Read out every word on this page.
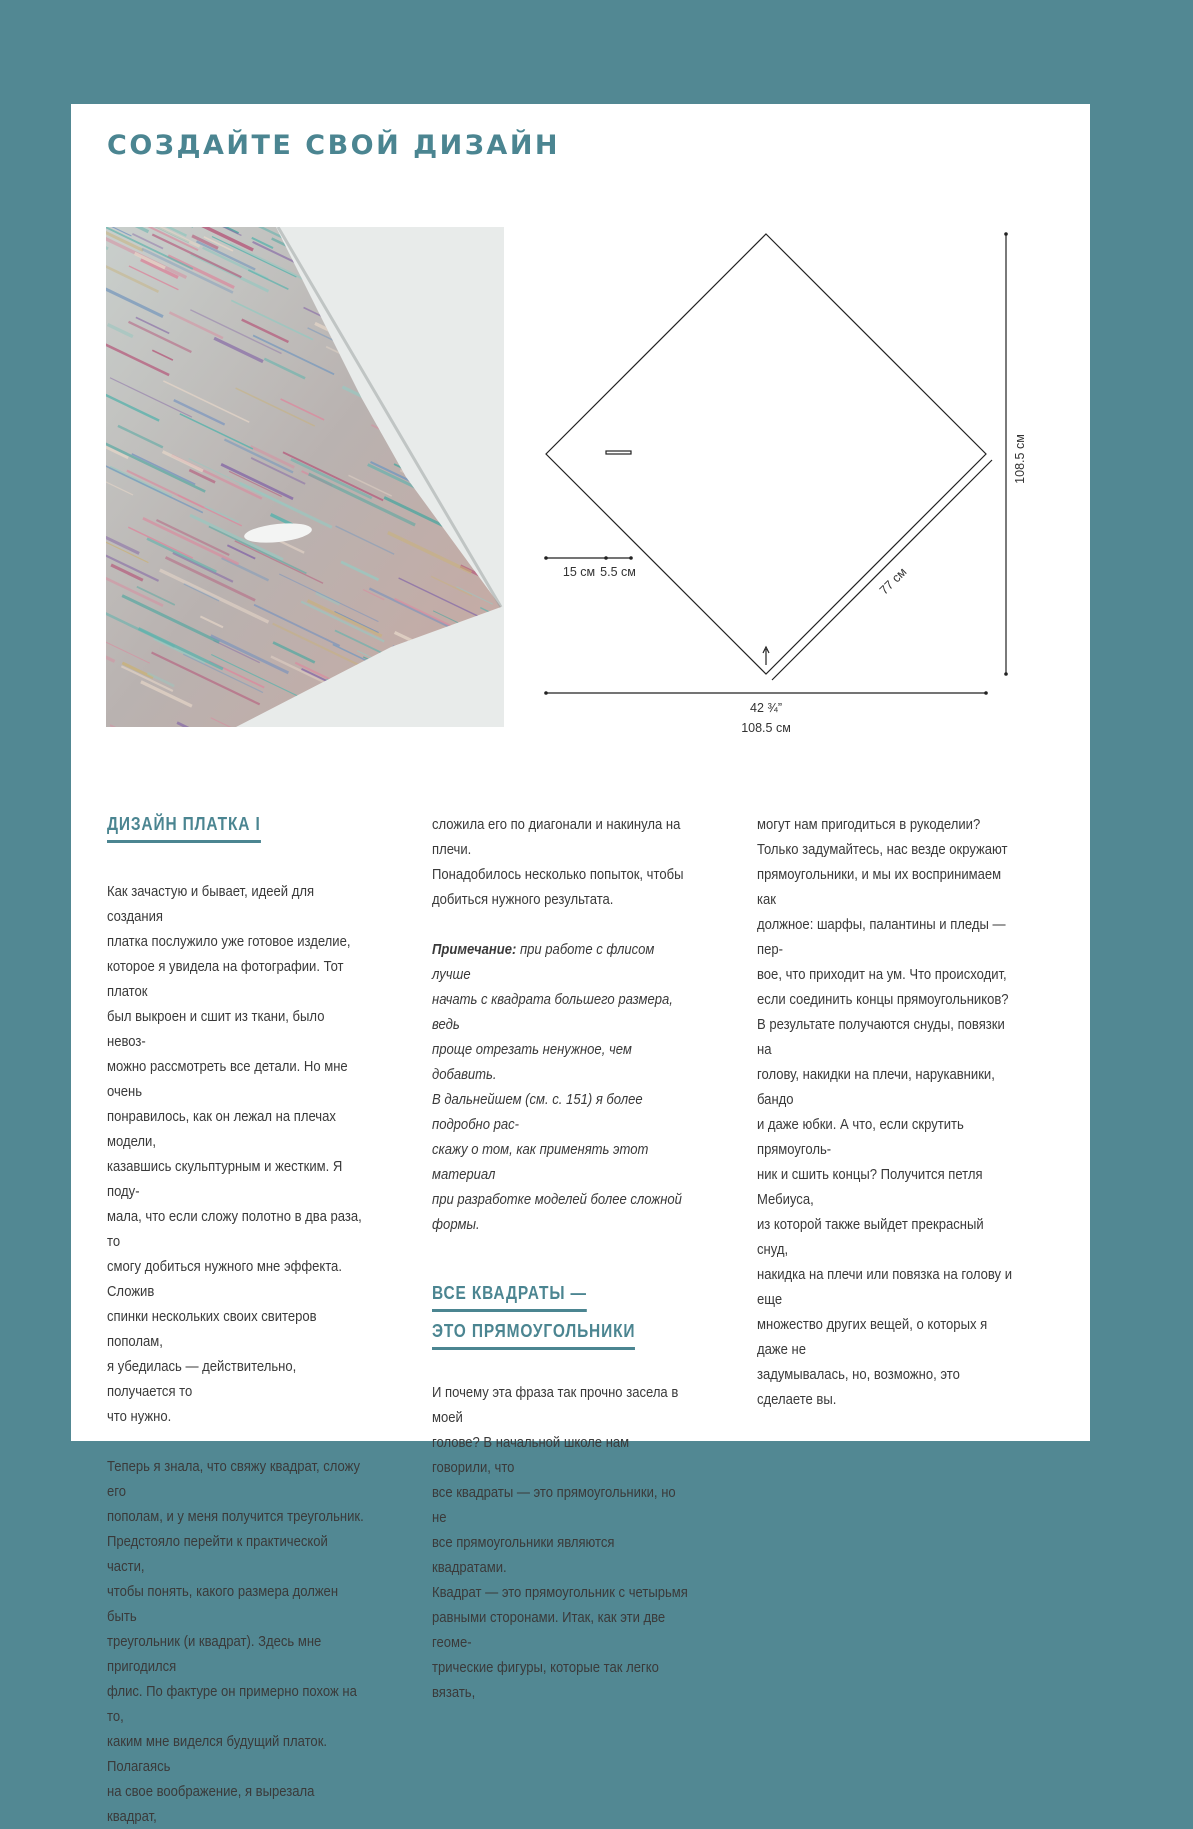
СОЗДАЙТЕ СВОЙ ДИЗАЙН
108.5 см
77 см
15 см 5.5 см
42 ¾”
108.5 см
ДИЗАЙН ПЛАТКА I

Как зачастую и бывает, идеей для создания
платка послужило уже готовое изделие,
которое я увидела на фотографии. Тот платок
был выкроен и сшит из ткани, было невоз-
можно рассмотреть все детали. Но мне очень
понравилось, как он лежал на плечах модели,
казавшись скульптурным и жестким. Я поду-
мала, что если сложу полотно в два раза, то
смогу добиться нужного мне эффекта. Сложив
спинки нескольких своих свитеров пополам,
я убедилась — действительно, получается то
что нужно.

Теперь я знала, что свяжу квадрат, сложу его
пополам, и у меня получится треугольник.
Предстояло перейти к практической части,
чтобы понять, какого размера должен быть
треугольник (и квадрат). Здесь мне пригодился
флис. По фактуре он примерно похож на то,
каким мне виделся будущий платок. Полагаясь
на свое воображение, я вырезала квадрат,

сложила его по диагонали и накинула на плечи.
Понадобилось несколько попыток, чтобы
добиться нужного результата.

Примечание: при работе с флисом лучше
начать с квадрата большего размера, ведь
проще отрезать ненужное, чем добавить.
В дальнейшем (см. с. 151) я более подробно рас-
скажу о том, как применять этот материал
при разработке моделей более сложной формы.

ВСЕ КВАДРАТЫ —
ЭТО ПРЯМОУГОЛЬНИКИ

И почему эта фраза так прочно засела в моей
голове? В начальной школе нам говорили, что
все квадраты — это прямоугольники, но не
все прямоугольники являются квадратами.
Квадрат — это прямоугольник с четырьмя
равными сторонами. Итак, как эти две геоме-
трические фигуры, которые так легко вязать,

могут нам пригодиться в рукоделии?
Только задумайтесь, нас везде окружают
прямоугольники, и мы их воспринимаем как
должное: шарфы, палантины и пледы — пер-
вое, что приходит на ум. Что происходит,
если соединить концы прямоугольников?
В результате получаются снуды, повязки на
голову, накидки на плечи, нарукавники, бандо
и даже юбки. А что, если скрутить прямоуголь-
ник и сшить концы? Получится петля Мебиуса,
из которой также выйдет прекрасный снуд,
накидка на плечи или повязка на голову и еще
множество других вещей, о которых я даже не
задумывалась, но, возможно, это сделаете вы.
